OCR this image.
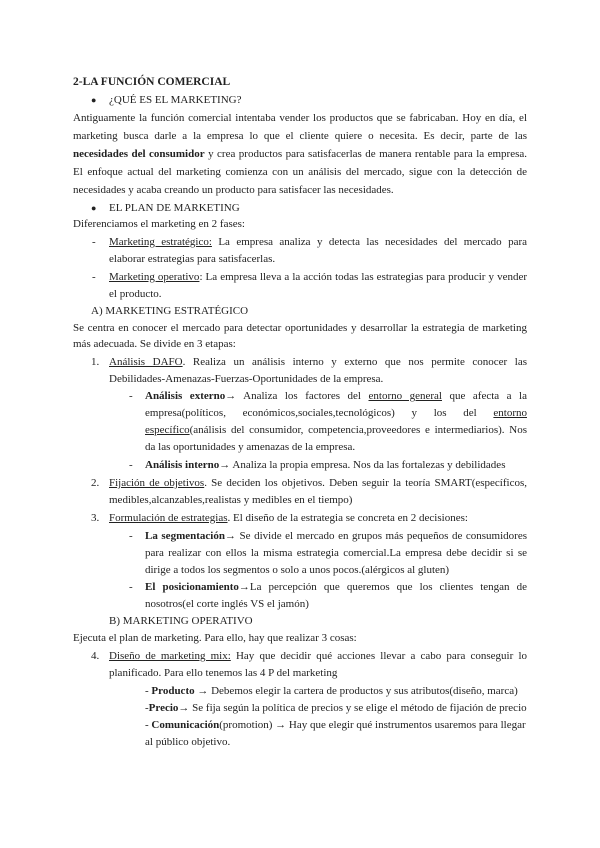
2-LA FUNCIÓN COMERCIAL
● ¿QUÉ ES EL MARKETING?
Antiguamente la función comercial intentaba vender los productos que se fabricaban. Hoy en día, el
marketing busca darle a la empresa lo que el cliente quiere o necesita. Es decir, parte de las
necesidades del consumidor y crea productos para satisfacerlas de manera rentable para la empresa.
El enfoque actual del marketing comienza con un análisis del mercado, sigue con la detección de
necesidades y acaba creando un producto para satisfacer las necesidades.
● EL PLAN DE MARKETING
Diferenciamos el marketing en 2 fases:
- Marketing estratégico: La empresa analiza y detecta las necesidades del mercado para
elaborar estrategias para satisfacerlas.
- Marketing operativo: La empresa lleva a la acción todas las estrategias para producir y vender
el producto.
A) MARKETING ESTRATÉGICO
Se centra en conocer el mercado para detectar oportunidades y desarrollar la estrategia de marketing
más adecuada. Se divide en 3 etapas:
1. Análisis DAFO. Realiza un análisis interno y externo que nos permite conocer las
Debilidades-Amenazas-Fuerzas-Oportunidades de la empresa.
- Análisis externo→ Analiza los factores del entorno general que afecta a la
empresa(políticos, económicos,sociales,tecnológicos) y los del entorno
específico(análisis del consumidor, competencia,proveedores e intermediarios). Nos
da las oportunidades y amenazas de la empresa.
- Análisis interno→ Analiza la propia empresa. Nos da las fortalezas y debilidades
2. Fijación de objetivos. Se deciden los objetivos. Deben seguir la teoría SMART(específicos,
medibles,alcanzables,realistas y medibles en el tiempo)
3. Formulación de estrategias. El diseño de la estrategia se concreta en 2 decisiones:
- La segmentación→ Se divide el mercado en grupos más pequeños de consumidores
para realizar con ellos la misma estrategia comercial.La empresa debe decidir si se
dirige a todos los segmentos o solo a unos pocos.(alérgicos al gluten)
- El posicionamiento→La percepción que queremos que los clientes tengan de
nosotros(el corte inglés VS el jamón)
B) MARKETING OPERATIVO
Ejecuta el plan de marketing. Para ello, hay que realizar 3 cosas:
4. Diseño de marketing mix: Hay que decidir qué acciones llevar a cabo para conseguir lo
planificado. Para ello tenemos las 4 P del marketing
- Producto → Debemos elegir la cartera de productos y sus atributos(diseño, marca)
-Precio→ Se fija según la política de precios y se elige el método de fijación de precio
- Comunicación(promotion) → Hay que elegir qué instrumentos usaremos para llegar
al público objetivo.
